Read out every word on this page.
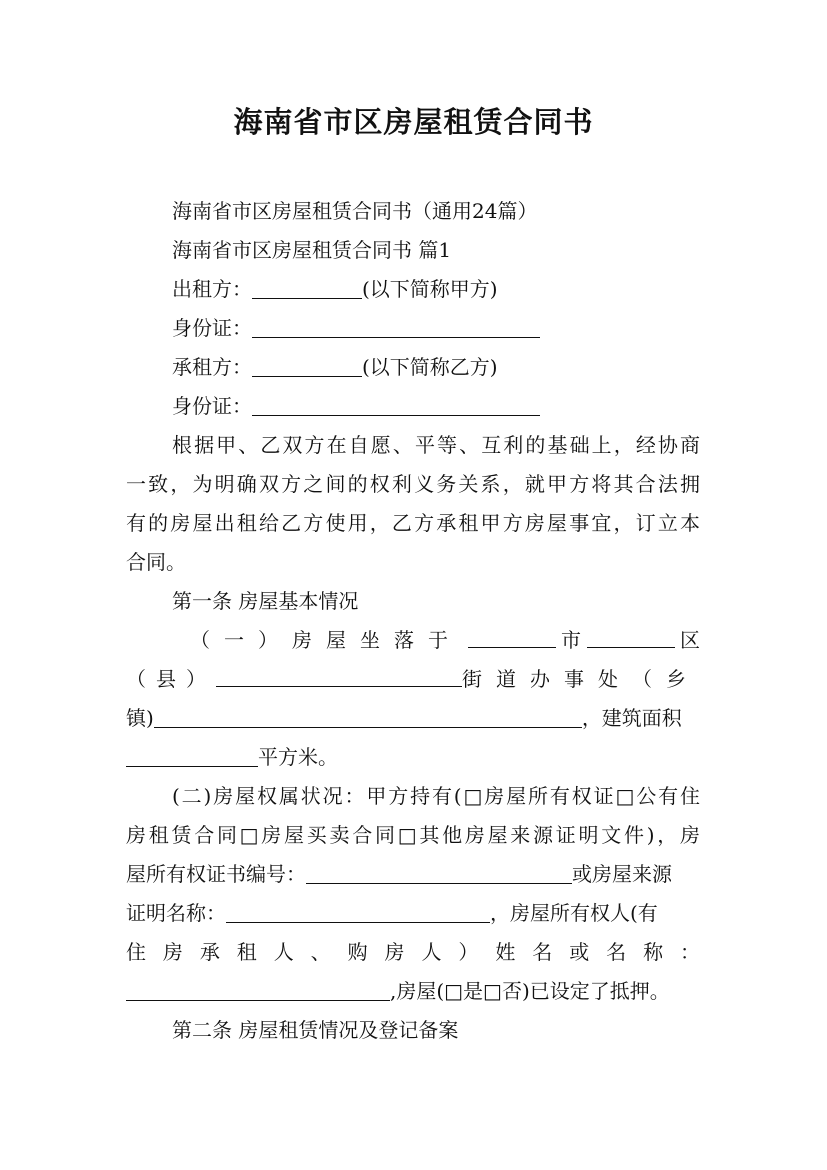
海南省市区房屋租赁合同书
海南省市区房屋租赁合同书（通用24篇）
海南省市区房屋租赁合同书 篇1
出租方：	(以下简称甲方)
身份证：
承租方：	(以下简称乙方)
身份证：
根据甲、乙双方在自愿、平等、互利的基础上，经协商
一致，为明确双方之间的权利义务关系，就甲方将其合法拥
有的房屋出租给乙方使用，乙方承租甲方房屋事宜，订立本
合同。
第一条 房屋基本情况
（一）房屋坐落于	市	区
（县）	街道办事处（乡
镇)	，建筑面积
平方米。
(二)房屋权属状况：甲方持有(□房屋所有权证□公有住
房租赁合同□房屋买卖合同□其他房屋来源证明文件)，房
屋所有权证书编号：	或房屋来源
证明名称：	，房屋所有权人(有
住房承租人、购房人）姓名或名称：
,房屋(□是□否)已设定了抵押。
第二条 房屋租赁情况及登记备案
